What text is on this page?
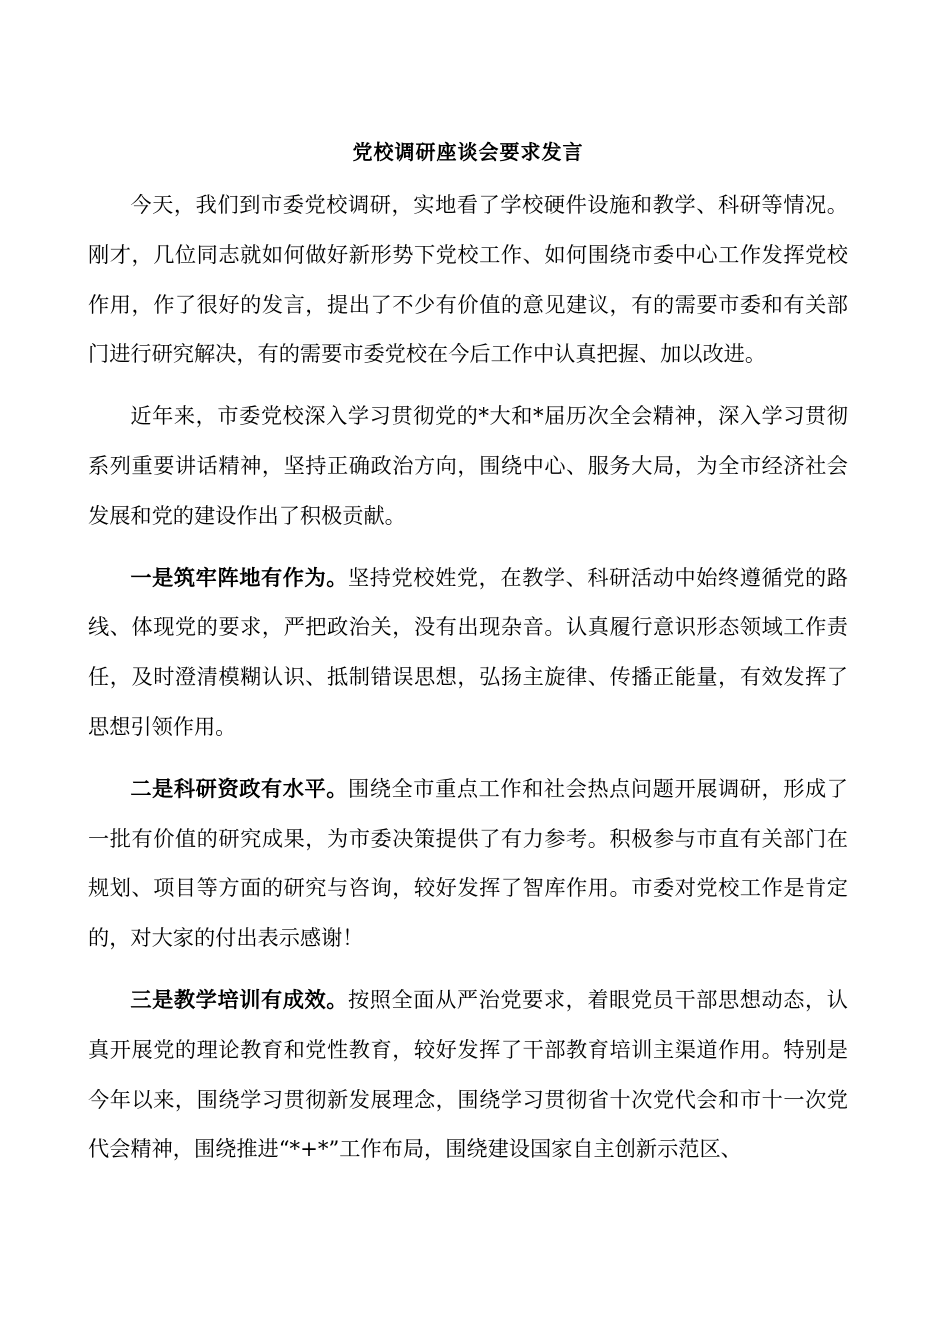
党校调研座谈会要求发言

今天，我们到市委党校调研，实地看了学校硬件设施和教学、科研等情况。刚才，几位同志就如何做好新形势下党校工作、如何围绕市委中心工作发挥党校作用，作了很好的发言，提出了不少有价值的意见建议，有的需要市委和有关部门进行研究解决，有的需要市委党校在今后工作中认真把握、加以改进。

近年来，市委党校深入学习贯彻党的*大和*届历次全会精神，深入学习贯彻系列重要讲话精神，坚持正确政治方向，围绕中心、服务大局，为全市经济社会发展和党的建设作出了积极贡献。

一是筑牢阵地有作为。坚持党校姓党，在教学、科研活动中始终遵循党的路线、体现党的要求，严把政治关，没有出现杂音。认真履行意识形态领域工作责任，及时澄清模糊认识、抵制错误思想，弘扬主旋律、传播正能量，有效发挥了思想引领作用。

二是科研资政有水平。围绕全市重点工作和社会热点问题开展调研，形成了一批有价值的研究成果，为市委决策提供了有力参考。积极参与市直有关部门在规划、项目等方面的研究与咨询，较好发挥了智库作用。市委对党校工作是肯定的，对大家的付出表示感谢！

三是教学培训有成效。按照全面从严治党要求，着眼党员干部思想动态，认真开展党的理论教育和党性教育，较好发挥了干部教育培训主渠道作用。特别是今年以来，围绕学习贯彻新发展理念，围绕学习贯彻省十次党代会和市十一次党代会精神，围绕推进“*+*”工作布局，围绕建设国家自主创新示范区、
